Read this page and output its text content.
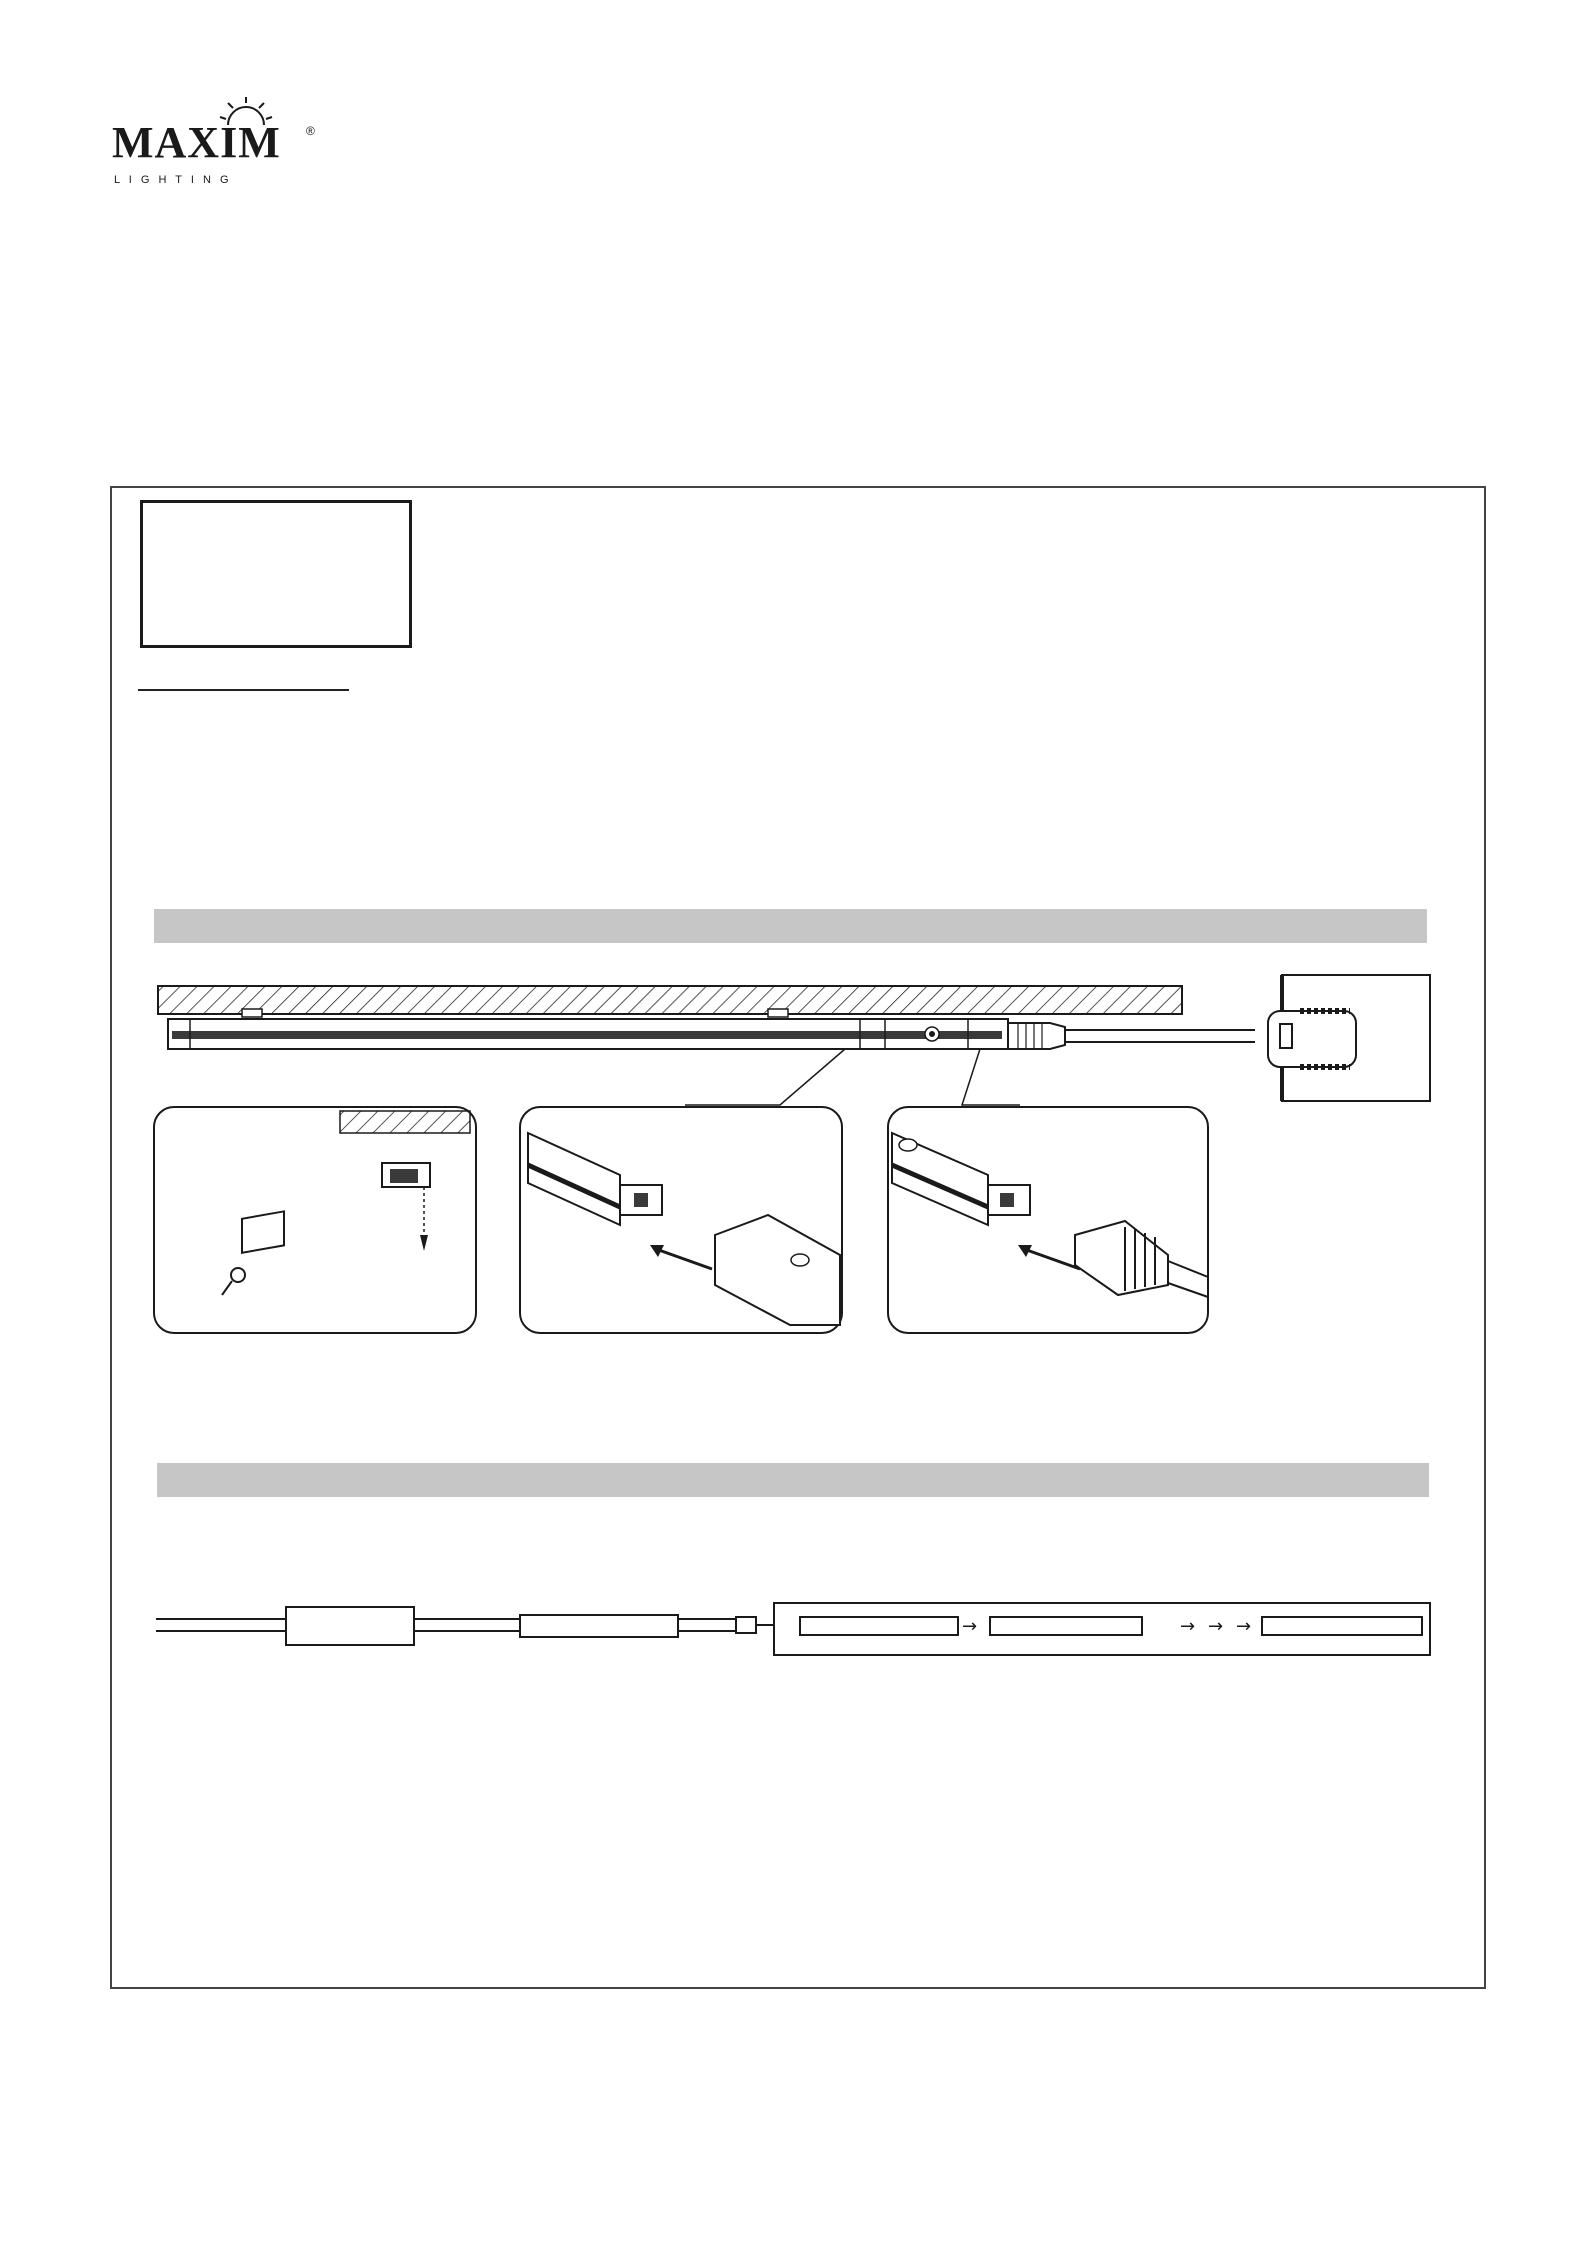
MAXIM ®
L I G H T I N G
→	→ → →
